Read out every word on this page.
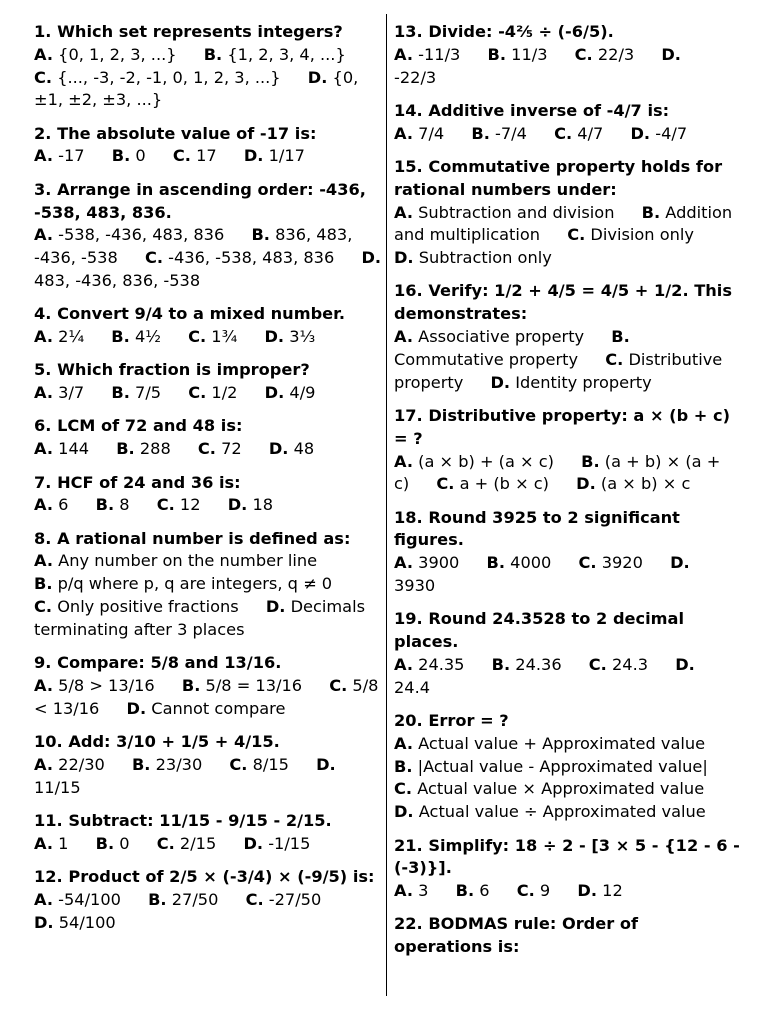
1. Which set represents integers?
A. {0, 1, 2, 3, ...} B. {1, 2, 3, 4, ...}
C. {..., -3, -2, -1, 0, 1, 2, 3, ...} D. {0, ±1, ±2, ±3, ...}
2. The absolute value of -17 is:
A. -17 B. 0 C. 17 D. 1/17
3. Arrange in ascending order: -436, -538, 483, 836.
A. -538, -436, 483, 836 B. 836, 483, -436, -538 C. -436, -538, 483, 836 D. 483, -436, 836, -538
4. Convert 9/4 to a mixed number.
A. 2¼ B. 4½ C. 1¾ D. 3⅓
5. Which fraction is improper?
A. 3/7 B. 7/5 C. 1/2 D. 4/9
6. LCM of 72 and 48 is:
A. 144 B. 288 C. 72 D. 48
7. HCF of 24 and 36 is:
A. 6 B. 8 C. 12 D. 18
8. A rational number is defined as:
A. Any number on the number line
B. p/q where p, q are integers, q ≠ 0
C. Only positive fractions D. Decimals terminating after 3 places
9. Compare: 5/8 and 13/16.
A. 5/8 > 13/16 B. 5/8 = 13/16 C. 5/8 < 13/16 D. Cannot compare
10. Add: 3/10 + 1/5 + 4/15.
A. 22/30 B. 23/30 C. 8/15 D. 11/15
11. Subtract: 11/15 - 9/15 - 2/15.
A. 1 B. 0 C. 2/15 D. -1/15
12. Product of 2/5 × (-3/4) × (-9/5) is:
A. -54/100 B. 27/50 C. -27/50
D. 54/100
13. Divide: -4⅖ ÷ (-6/5).
A. -11/3 B. 11/3 C. 22/3 D. -22/3
14. Additive inverse of -4/7 is:
A. 7/4 B. -7/4 C. 4/7 D. -4/7
15. Commutative property holds for rational numbers under:
A. Subtraction and division B. Addition and multiplication C. Division only D. Subtraction only
16. Verify: 1/2 + 4/5 = 4/5 + 1/2. This demonstrates:
A. Associative property B. Commutative property C. Distributive property D. Identity property
17. Distributive property: a × (b + c) = ?
A. (a × b) + (a × c) B. (a + b) × (a + c) C. a + (b × c) D. (a × b) × c
18. Round 3925 to 2 significant figures.
A. 3900 B. 4000 C. 3920 D. 3930
19. Round 24.3528 to 2 decimal places.
A. 24.35 B. 24.36 C. 24.3 D. 24.4
20. Error = ?
A. Actual value + Approximated value
B. |Actual value - Approximated value|
C. Actual value × Approximated value
D. Actual value ÷ Approximated value
21. Simplify: 18 ÷ 2 - [3 × 5 - {12 - 6 - (-3)}].
A. 3 B. 6 C. 9 D. 12
22. BODMAS rule: Order of operations is:
